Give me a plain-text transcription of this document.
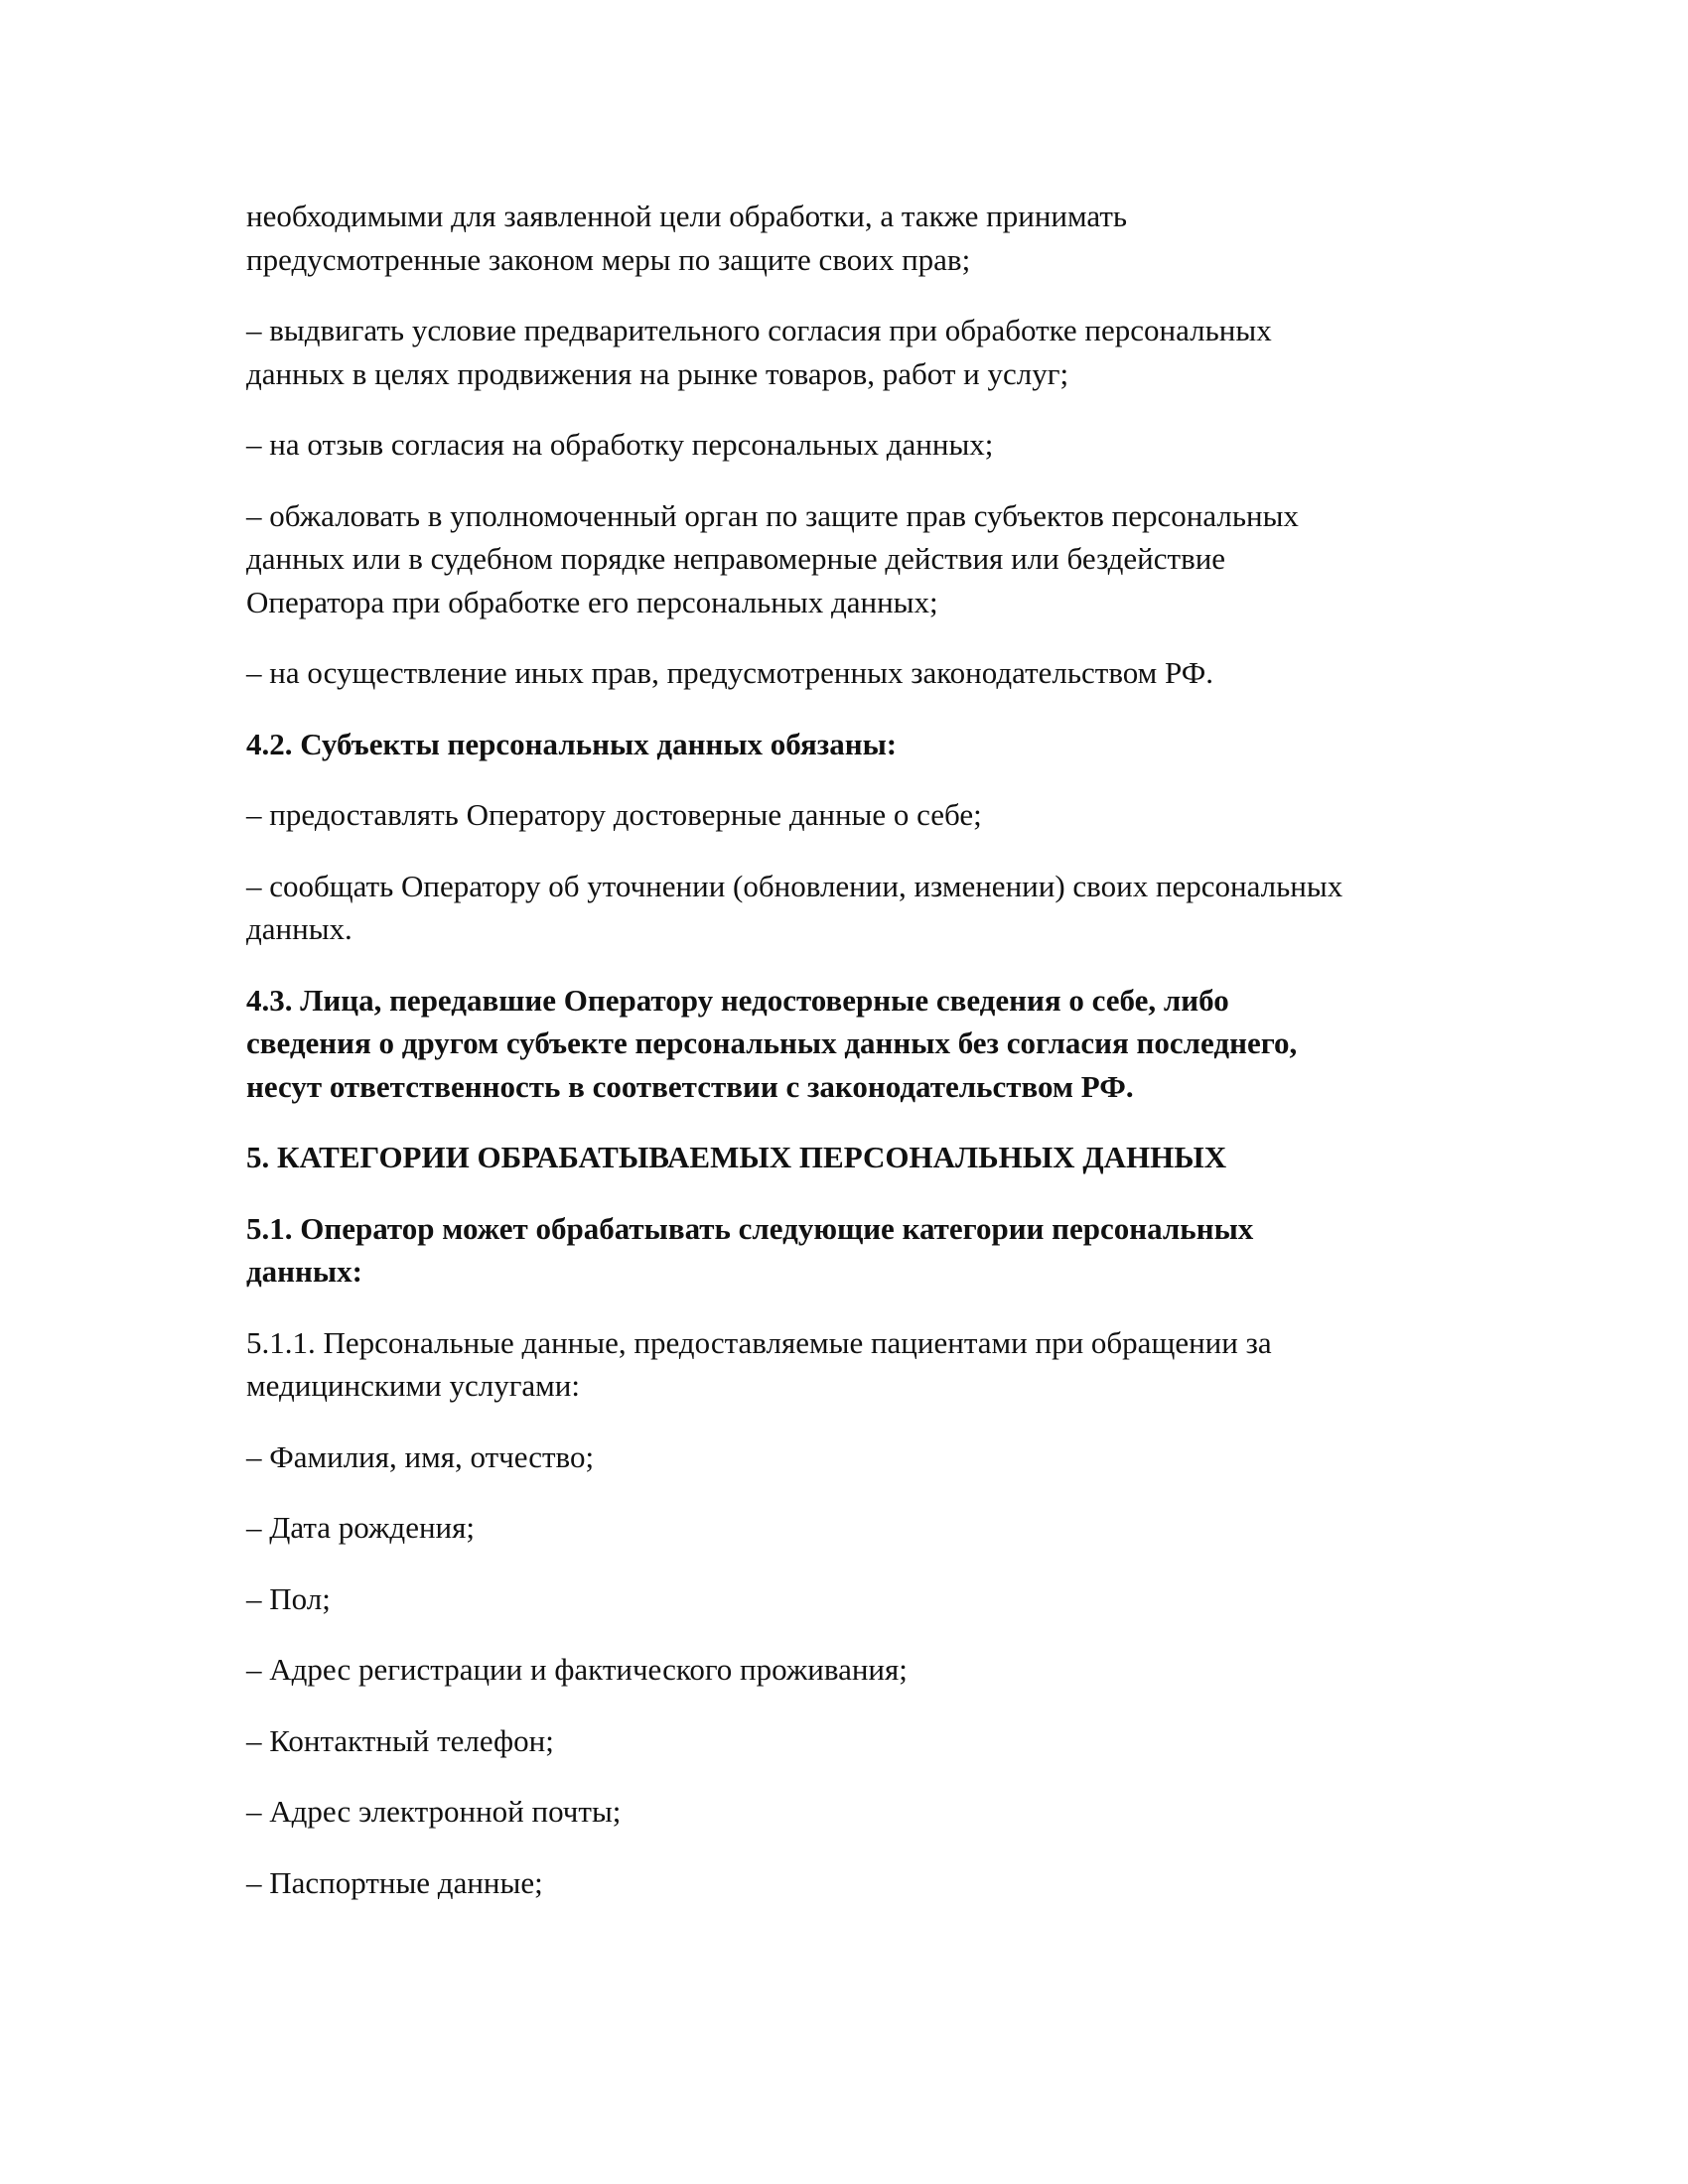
необходимыми для заявленной цели обработки, а также принимать
предусмотренные законом меры по защите своих прав;

– выдвигать условие предварительного согласия при обработке персональных
данных в целях продвижения на рынке товаров, работ и услуг;

– на отзыв согласия на обработку персональных данных;

– обжаловать в уполномоченный орган по защите прав субъектов персональных
данных или в судебном порядке неправомерные действия или бездействие
Оператора при обработке его персональных данных;

– на осуществление иных прав, предусмотренных законодательством РФ.

4.2. Субъекты персональных данных обязаны:

– предоставлять Оператору достоверные данные о себе;

– сообщать Оператору об уточнении (обновлении, изменении) своих персональных
данных.

4.3. Лица, передавшие Оператору недостоверные сведения о себе, либо
сведения о другом субъекте персональных данных без согласия последнего,
несут ответственность в соответствии с законодательством РФ.

5. КАТЕГОРИИ ОБРАБАТЫВАЕМЫХ ПЕРСОНАЛЬНЫХ ДАННЫХ

5.1. Оператор может обрабатывать следующие категории персональных
данных:

5.1.1. Персональные данные, предоставляемые пациентами при обращении за
медицинскими услугами:

– Фамилия, имя, отчество;

– Дата рождения;

– Пол;

– Адрес регистрации и фактического проживания;

– Контактный телефон;

– Адрес электронной почты;

– Паспортные данные;
